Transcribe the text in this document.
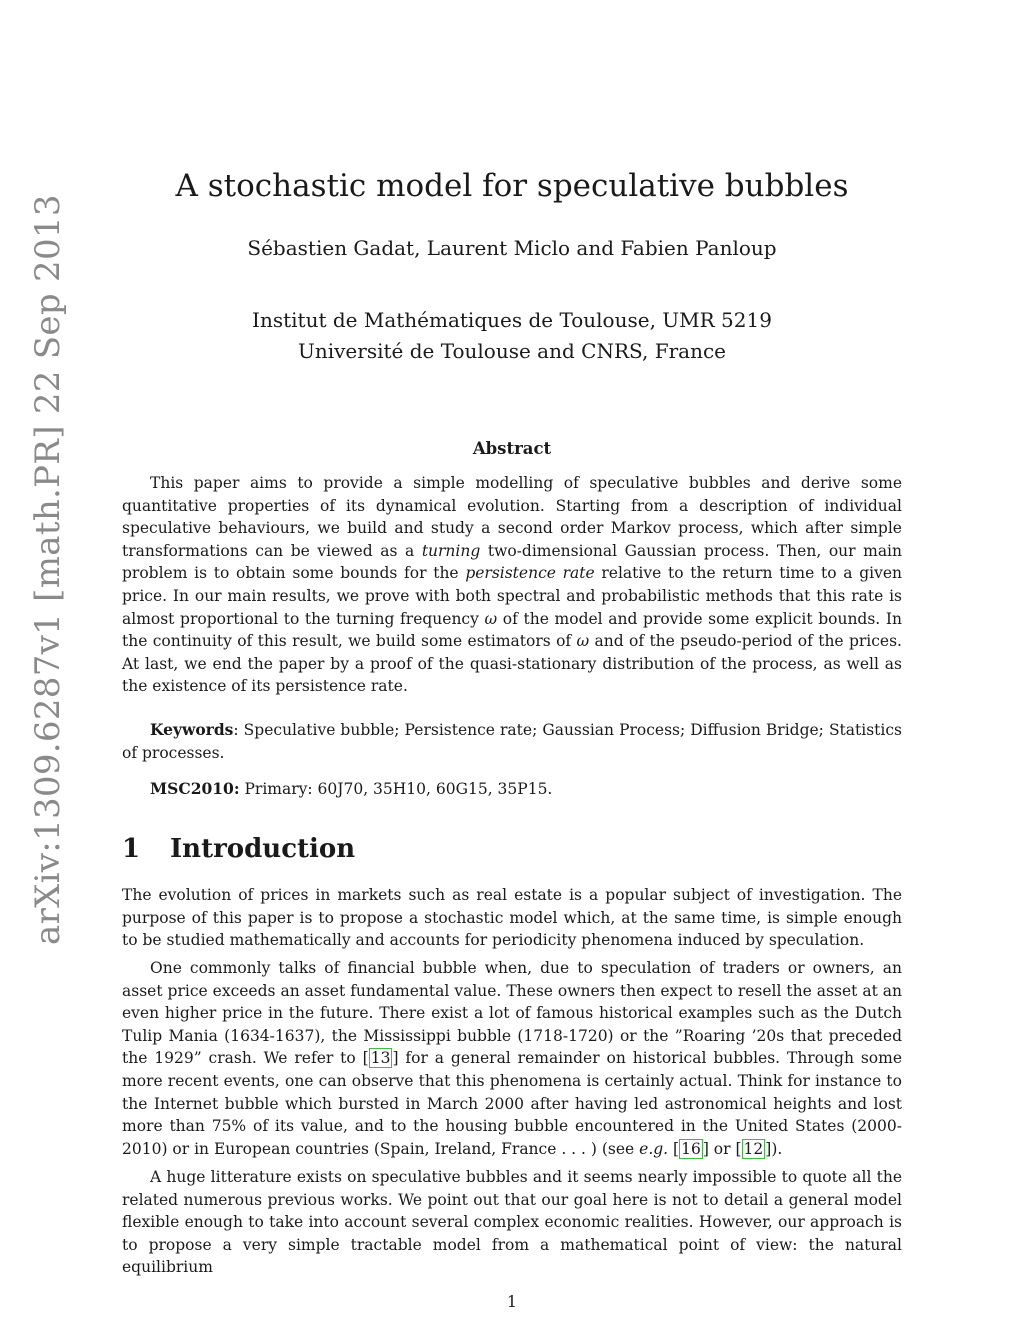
arXiv:1309.6287v1 [math.PR] 22 Sep 2013
A stochastic model for speculative bubbles
Sébastien Gadat, Laurent Miclo and Fabien Panloup
Institut de Mathématiques de Toulouse, UMR 5219
Université de Toulouse and CNRS, France
Abstract

This paper aims to provide a simple modelling of speculative bubbles and derive some quantitative properties of its dynamical evolution. Starting from a description of individual speculative behaviours, we build and study a second order Markov process, which after simple transformations can be viewed as a turning two-dimensional Gaussian process. Then, our main problem is to obtain some bounds for the persistence rate relative to the return time to a given price. In our main results, we prove with both spectral and probabilistic methods that this rate is almost proportional to the turning frequency ω of the model and provide some explicit bounds. In the continuity of this result, we build some estimators of ω and of the pseudo-period of the prices. At last, we end the paper by a proof of the quasi-stationary distribution of the process, as well as the existence of its persistence rate.

Keywords: Speculative bubble; Persistence rate; Gaussian Process; Diffusion Bridge; Statistics of processes.

MSC2010: Primary: 60J70, 35H10, 60G15, 35P15.

1 Introduction

The evolution of prices in markets such as real estate is a popular subject of investigation. The purpose of this paper is to propose a stochastic model which, at the same time, is simple enough to be studied mathematically and accounts for periodicity phenomena induced by speculation.

One commonly talks of financial bubble when, due to speculation of traders or owners, an asset price exceeds an asset fundamental value. These owners then expect to resell the asset at an even higher price in the future. There exist a lot of famous historical examples such as the Dutch Tulip Mania (1634-1637), the Mississippi bubble (1718-1720) or the ”Roaring ’20s that preceded the 1929” crash. We refer to [ 13 ] for a general remainder on historical bubbles. Through some more recent events, one can observe that this phenomena is certainly actual. Think for instance to the Internet bubble which bursted in March 2000 after having led astronomical heights and lost more than 75% of its value, and to the housing bubble encountered in the United States (2000-2010) or in European countries (Spain, Ireland, France . . . ) (see e.g. [ 16 ] or [ 12 ]).

A huge litterature exists on speculative bubbles and it seems nearly impossible to quote all the related numerous previous works. We point out that our goal here is not to detail a general model flexible enough to take into account several complex economic realities. However, our approach is to propose a very simple tractable model from a mathematical point of view: the natural equilibrium

1
